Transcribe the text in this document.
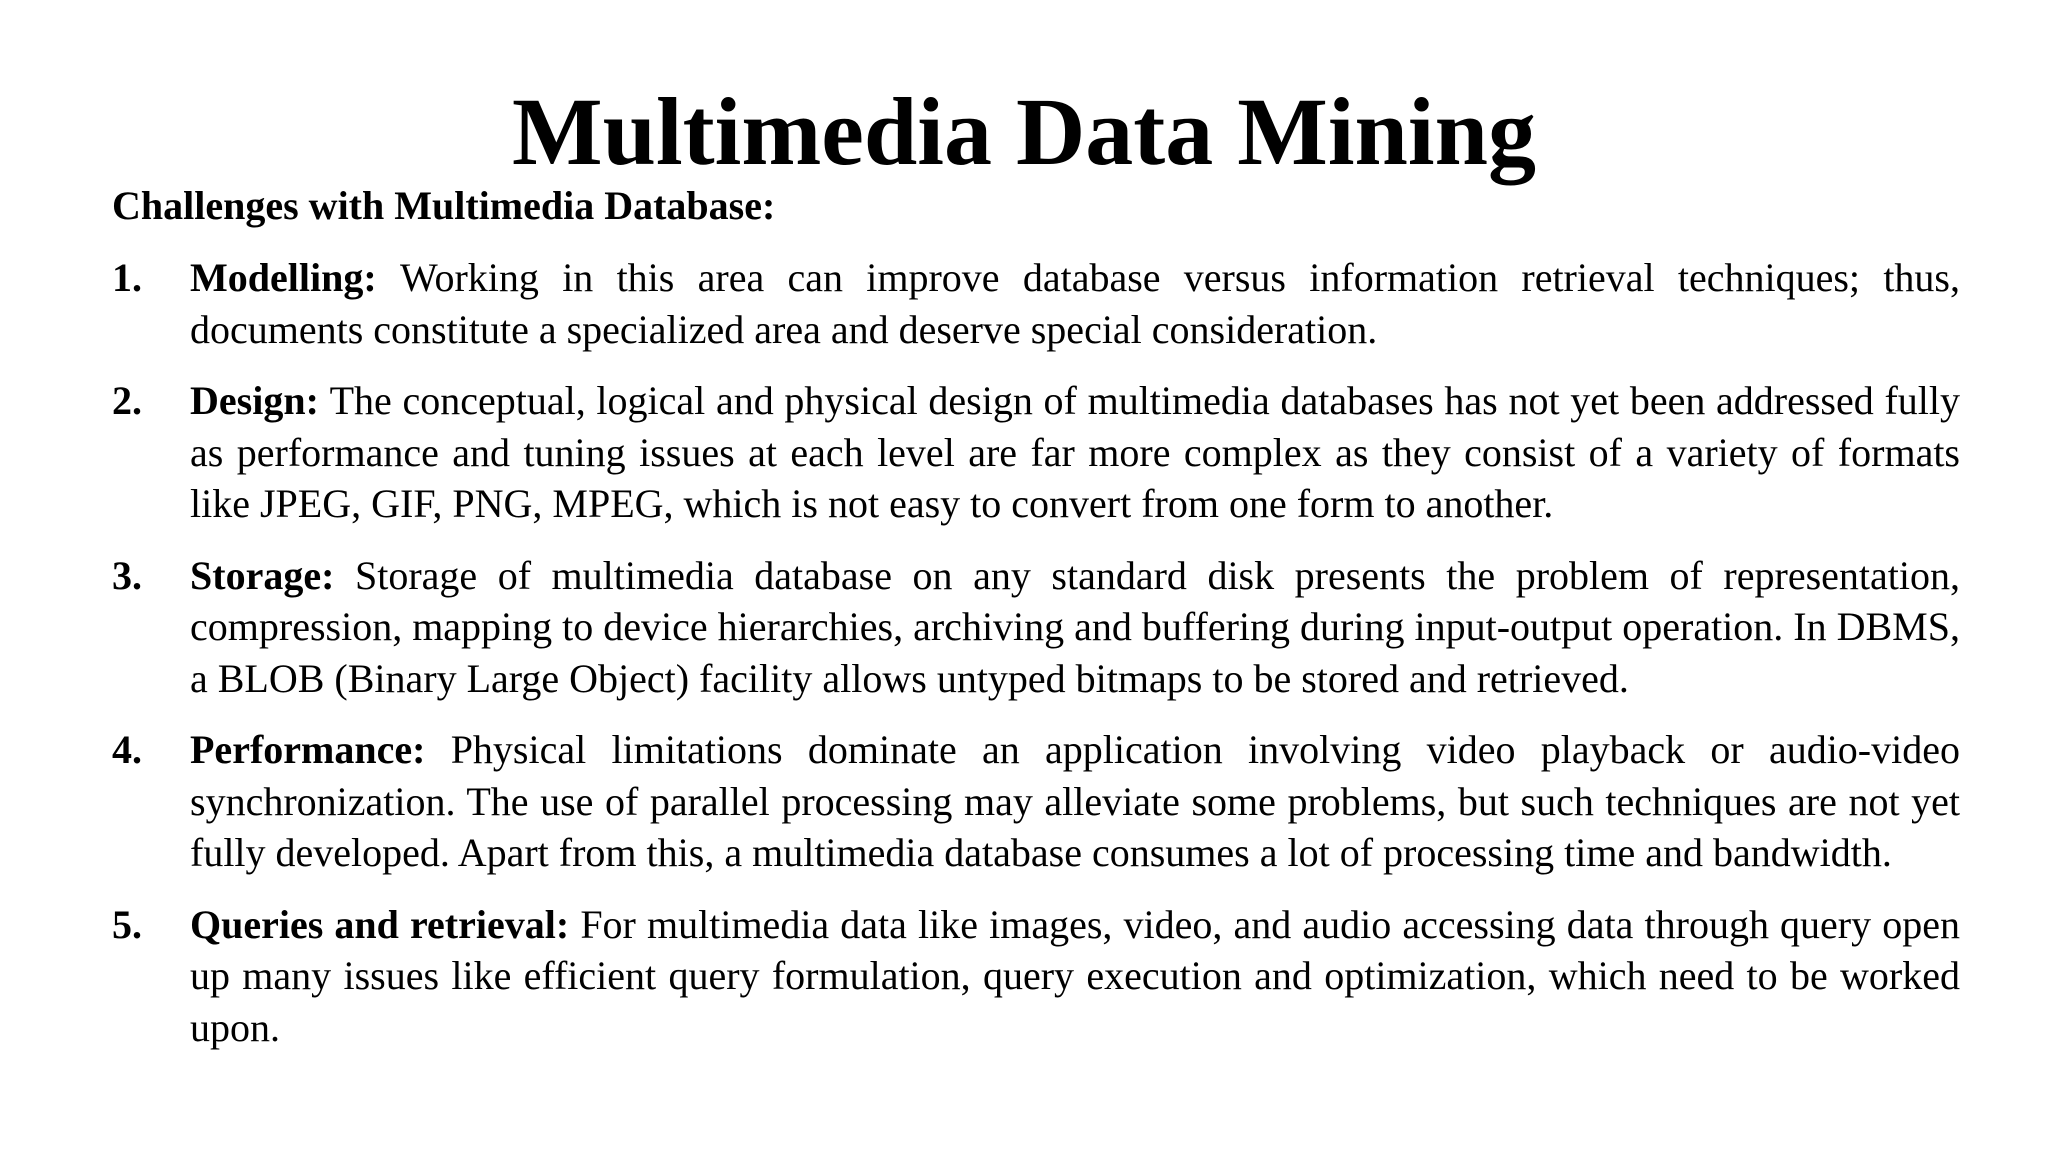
Multimedia Data Mining
Challenges with Multimedia Database:
1. Modelling: Working in this area can improve database versus information retrieval techniques; thus, documents constitute a specialized area and deserve special consideration.
2. Design: The conceptual, logical and physical design of multimedia databases has not yet been addressed fully as performance and tuning issues at each level are far more complex as they consist of a variety of formats like JPEG, GIF, PNG, MPEG, which is not easy to convert from one form to another.
3. Storage: Storage of multimedia database on any standard disk presents the problem of representation, compression, mapping to device hierarchies, archiving and buffering during input-output operation. In DBMS, a BLOB (Binary Large Object) facility allows untyped bitmaps to be stored and retrieved.
4. Performance: Physical limitations dominate an application involving video playback or audio-video synchronization. The use of parallel processing may alleviate some problems, but such techniques are not yet fully developed. Apart from this, a multimedia database consumes a lot of processing time and bandwidth.
5. Queries and retrieval: For multimedia data like images, video, and audio accessing data through query open up many issues like efficient query formulation, query execution and optimization, which need to be worked upon.
